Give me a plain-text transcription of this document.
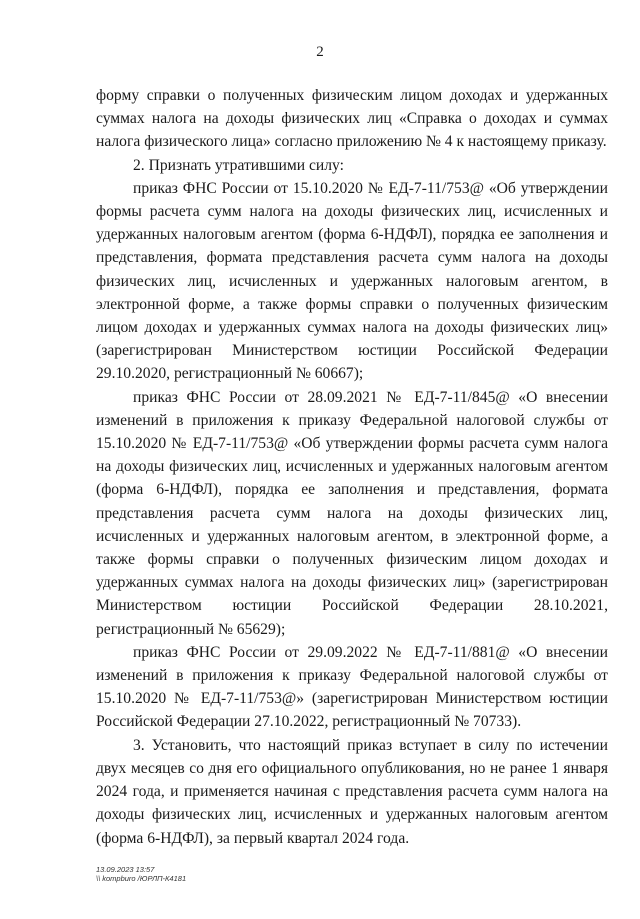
2

формy справки о полученных физическим лицом доходах и удержанных суммах налога на доходы физических лиц «Справка о доходах и суммах налога физического лица» согласно приложению № 4 к настоящему приказу.

2. Признать утратившими силу:

приказ ФНС России от 15.10.2020 № ЕД-7-11/753@ «Об утверждении формы расчета сумм налога на доходы физических лиц, исчисленных и удержанных налоговым агентом (форма 6-НДФЛ), порядка ее заполнения и представления, формата представления расчета сумм налога на доходы физических лиц, исчисленных и удержанных налоговым агентом, в электронной форме, а также формы справки о полученных физическим лицом доходах и удержанных суммах налога на доходы физических лиц» (зарегистрирован Министерством юстиции Российской Федерации 29.10.2020, регистрационный № 60667);

приказ ФНС России от 28.09.2021 № ЕД-7-11/845@ «О внесении изменений в приложения к приказу Федеральной налоговой службы от 15.10.2020 № ЕД-7-11/753@ «Об утверждении формы расчета сумм налога на доходы физических лиц, исчисленных и удержанных налоговым агентом (форма 6-НДФЛ), порядка ее заполнения и представления, формата представления расчета сумм налога на доходы физических лиц, исчисленных и удержанных налоговым агентом, в электронной форме, а также формы справки о полученных физическим лицом доходах и удержанных суммах налога на доходы физических лиц» (зарегистрирован Министерством юстиции Российской Федерации 28.10.2021, регистрационный № 65629);

приказ ФНС России от 29.09.2022 № ЕД-7-11/881@ «О внесении изменений в приложения к приказу Федеральной налоговой службы от 15.10.2020 № ЕД-7-11/753@» (зарегистрирован Министерством юстиции Российской Федерации 27.10.2022, регистрационный № 70733).

3. Установить, что настоящий приказ вступает в силу по истечении двух месяцев со дня его официального опубликования, но не ранее 1 января 2024 года, и применяется начиная с представления расчета сумм налога на доходы физических лиц, исчисленных и удержанных налоговым агентом (форма 6-НДФЛ), за первый квартал 2024 года.

13.09.2023 13:57
\\ kompburo /ЮРЛП-К4181
